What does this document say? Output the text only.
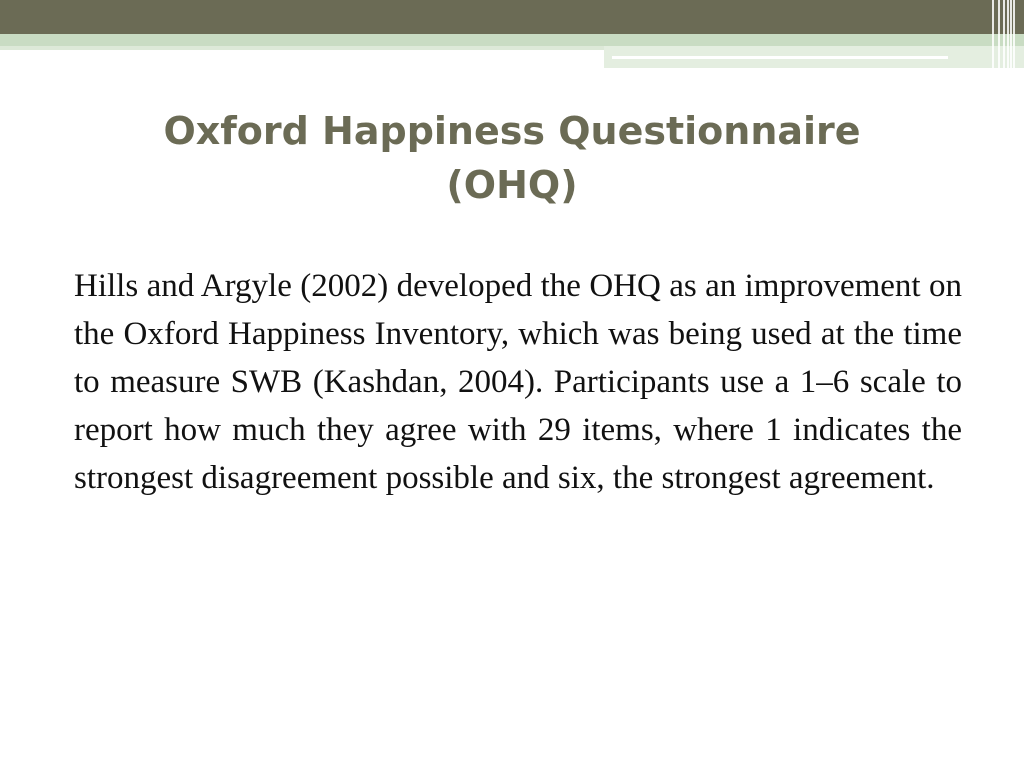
Oxford Happiness Questionnaire
(OHQ)

Hills and Argyle (2002) developed the OHQ as an improvement on the Oxford Happiness Inventory, which was being used at the time to measure SWB (Kashdan, 2004). Participants use a 1–6 scale to report how much they agree with 29 items, where 1 indicates the strongest disagreement possible and six, the strongest agreement.
